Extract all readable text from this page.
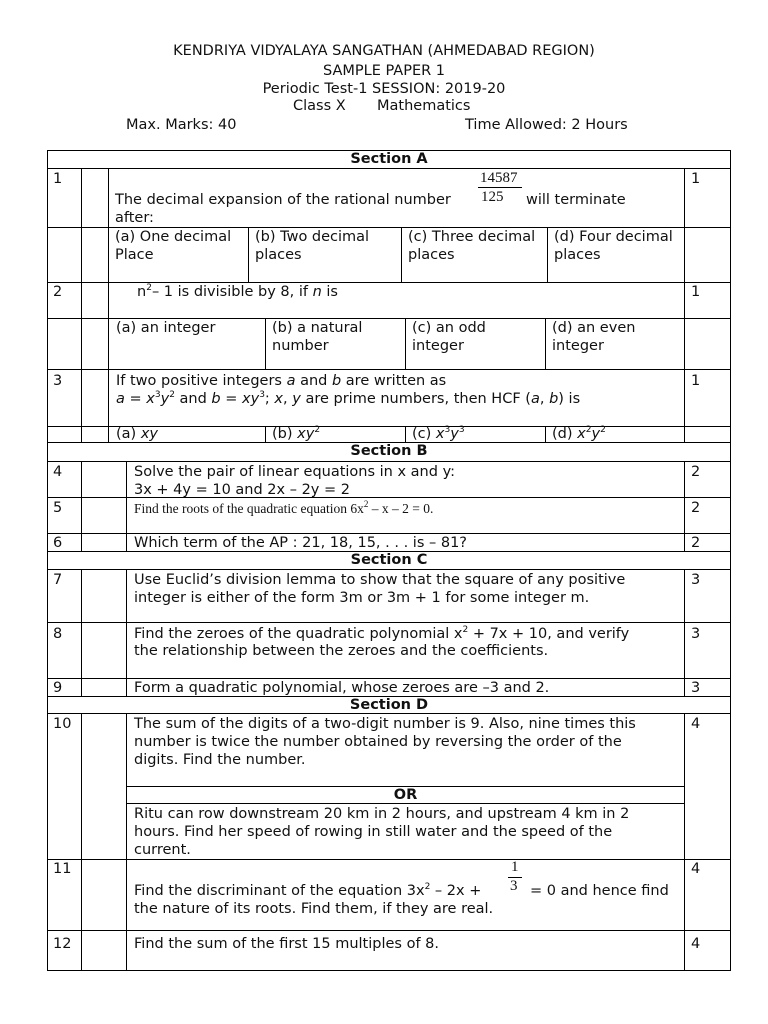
KENDRIYA VIDYALAYA SANGATHAN (AHMEDABAD REGION)
SAMPLE PAPER 1
Periodic Test-1 SESSION: 2019-20
Class X Mathematics
Max. Marks: 40	Time Allowed: 2 Hours
Section A
1	1
The decimal expansion of the rational number
14587
125 will terminate
after:
(a) One decimal Place
(b) Two decimal places
(c) Three decimal places
(d) Four decimal places
2	1
$n^2-$ 1 is divisible by 8, if n is
(a) an integer	(b) a natural number
(c) an odd integer
(d) an even integer
3	1
If two positive integers a and b are written as
$a = x^3y^2$ and $b = xy^3$; x, y are prime numbers, then HCF (a, b) is
(a) xy	(b) $xy^2$	(c) $x^3y^3$	(d) $x^2y^2$
Section B
4	2
Solve the pair of linear equations in x and y:
3x + 4y = 10 and 2x – 2y = 2
5	2
Find the roots of the quadratic equation $6x^2 - x - 2 = 0$.
6	2
Which term of the AP : 21, 18, 15, . . . is – 81?
Section C
7	3
Use Euclid’s division lemma to show that the square of any positive
integer is either of the form 3m or 3m + 1 for some integer m.
8	3
Find the zeroes of the quadratic polynomial $x^2 + 7x + 10$, and verify
the relationship between the zeroes and the coefficients.
9	3
Form a quadratic polynomial, whose zeroes are –3 and 2.
Section D
10	4
The sum of the digits of a two-digit number is 9. Also, nine times this
number is twice the number obtained by reversing the order of the
digits. Find the number.
OR
Ritu can row downstream 20 km in 2 hours, and upstream 4 km in 2
hours. Find her speed of rowing in still water and the speed of the
current.
11	4
Find the discriminant of the equation $3x^2 - 2x$ +
1
3 = 0 and hence find
the nature of its roots. Find them, if they are real.
12	4
Find the sum of the first 15 multiples of 8.
